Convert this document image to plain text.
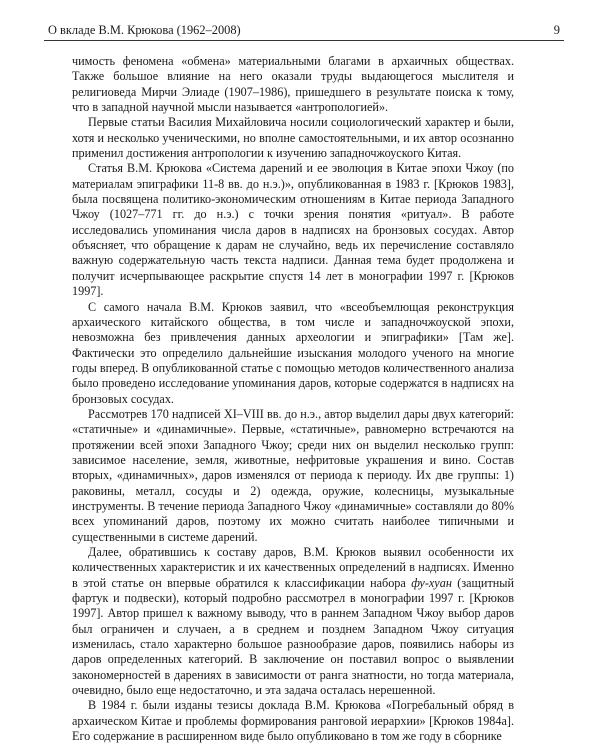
О вкладе В.М. Крюкова (1962–2008)	9

чимость феномена «обмена» материальными благами в архаичных обществах. Также большое влияние на него оказали труды выдающегося мыслителя и религиоведа Мирчи Элиаде (1907–1986), пришедшего в результате поиска к тому, что в западной научной мысли называется «антропологией».

Первые статьи Василия Михайловича носили социологический характер и были, хотя и несколько ученическими, но вполне самостоятельными, и их автор осознанно применил достижения антропологии к изучению западночжоуского Китая.

Статья В.М. Крюкова «Система дарений и ее эволюция в Китае эпохи Чжоу (по материалам эпиграфики 11-8 вв. до н.э.)», опубликованная в 1983 г. [Крюков 1983], была посвящена политико-экономическим отношениям в Китае периода Западного Чжоу (1027–771 гг. до н.э.) с точки зрения понятия «ритуал». В работе исследовались упоминания числа даров в надписях на бронзовых сосудах. Автор объясняет, что обращение к дарам не случайно, ведь их перечисление составляло важную содержательную часть текста надписи. Данная тема будет продолжена и получит исчерпывающее раскрытие спустя 14 лет в монографии 1997 г. [Крюков 1997].

С самого начала В.М. Крюков заявил, что «всеобъемлющая реконструкция архаического китайского общества, в том числе и западночжоуской эпохи, невозможна без привлечения данных археологии и эпиграфики» [Там же]. Фактически это определило дальнейшие изыскания молодого ученого на многие годы вперед. В опубликованной статье с помощью методов количественного анализа было проведено исследование упоминания даров, которые содержатся в надписях на бронзовых сосудах.

Рассмотрев 170 надписей XI–VIII вв. до н.э., автор выделил дары двух категорий: «статичные» и «динамичные». Первые, «статичные», равномерно встречаются на протяжении всей эпохи Западного Чжоу; среди них он выделил несколько групп: зависимое население, земля, животные, нефритовые украшения и вино. Состав вторых, «динамичных», даров изменялся от периода к периоду. Их две группы: 1) раковины, металл, сосуды и 2) одежда, оружие, колесницы, музыкальные инструменты. В течение периода Западного Чжоу «динамичные» составляли до 80% всех упоминаний даров, поэтому их можно считать наиболее типичными и существенными в системе дарений.

Далее, обратившись к составу даров, В.М. Крюков выявил особенности их количественных характеристик и их качественных определений в надписях. Именно в этой статье он впервые обратился к классификации набора фу-хуан (защитный фартук и подвески), который подробно рассмотрел в монографии 1997 г. [Крюков 1997]. Автор пришел к важному выводу, что в раннем Западном Чжоу выбор даров был ограничен и случаен, а в среднем и позднем Западном Чжоу ситуация изменилась, стало характерно большое разнообразие даров, появились наборы из даров определенных категорий. В заключение он поставил вопрос о выявлении закономерностей в дарениях в зависимости от ранга знатности, но тогда материала, очевидно, было еще недостаточно, и эта задача осталась нерешенной.

В 1984 г. были изданы тезисы доклада В.М. Крюкова «Погребальный обряд в архаическом Китае и проблемы формирования ранговой иерархии» [Крюков 1984а]. Его содержание в расширенном виде было опубликовано в том же году в сборнике
